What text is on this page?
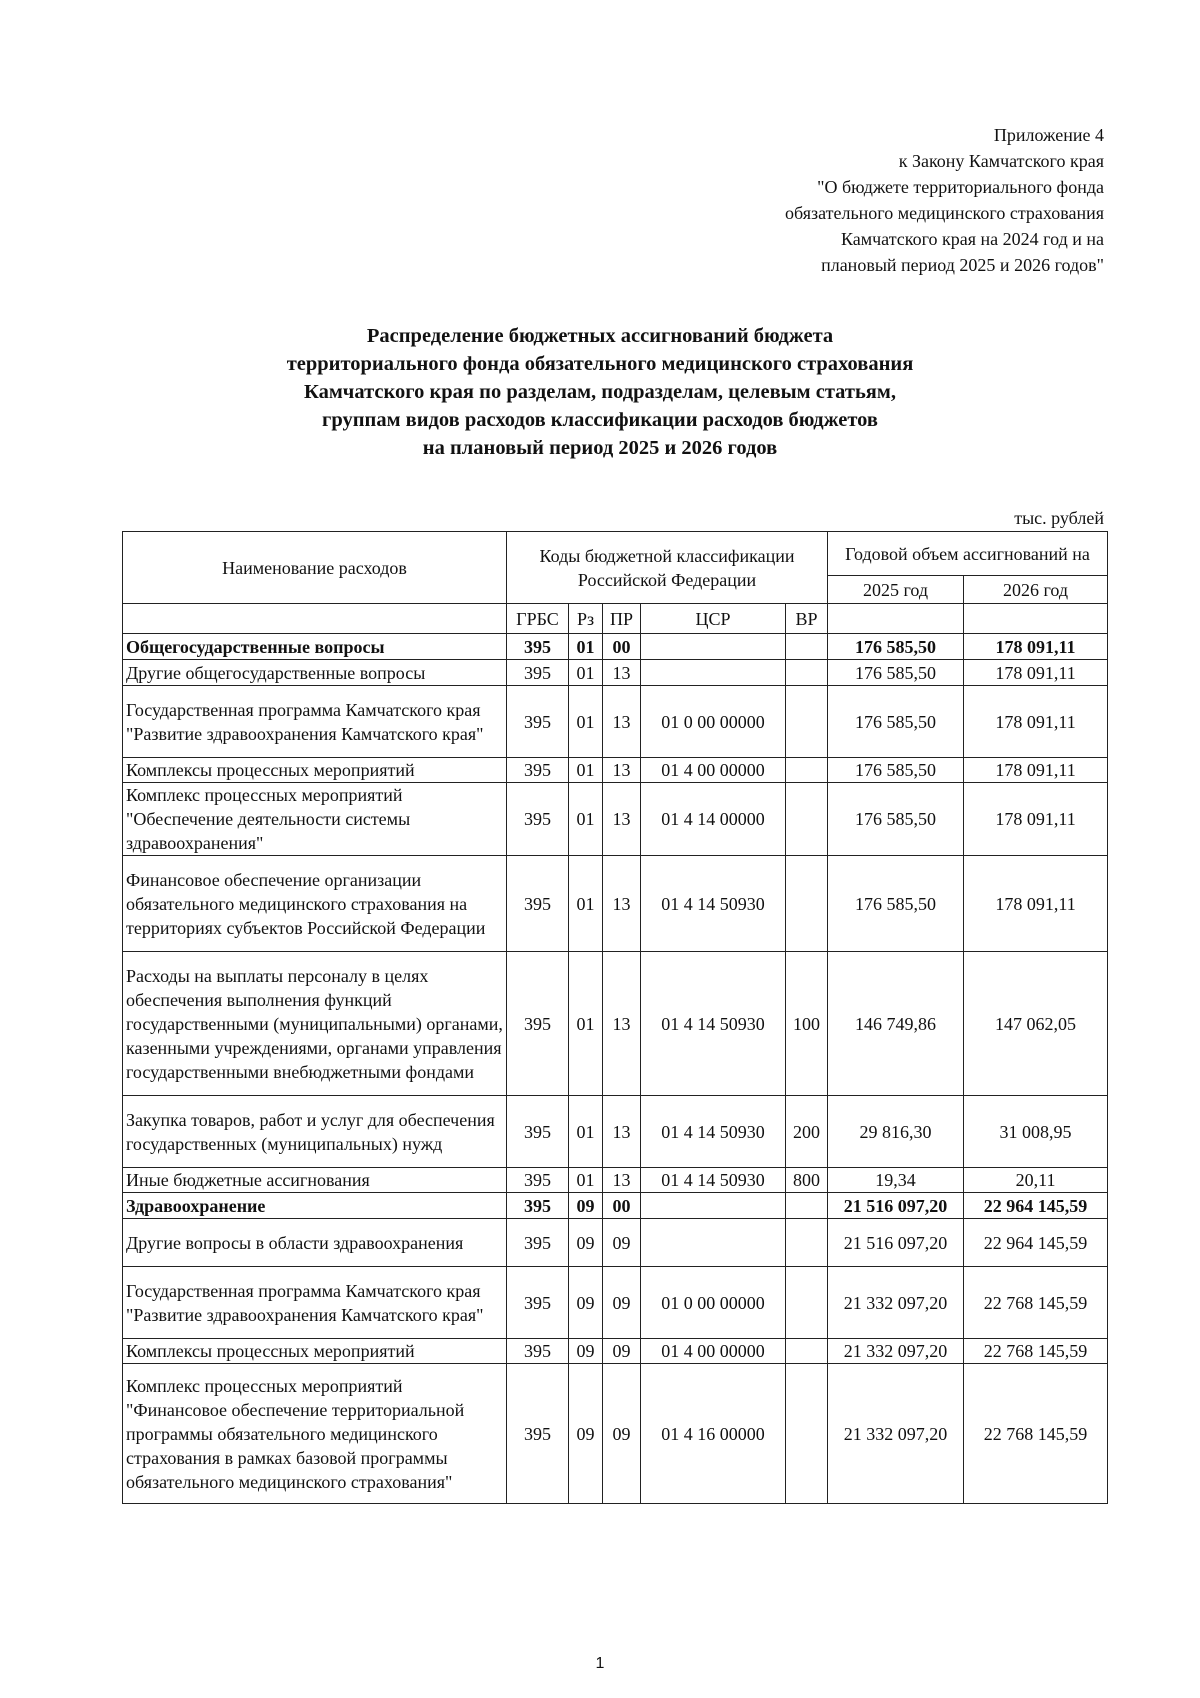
Приложение 4
к Закону Камчатского края
"О бюджете территориального фонда
обязательного медицинского страхования
Камчатского края на 2024 год и на
плановый период 2025 и 2026 годов"
Распределение бюджетных ассигнований бюджета
территориального фонда обязательного медицинского страхования
Камчатского края по разделам, подразделам, целевым статьям,
группам видов расходов классификации расходов бюджетов
на плановый период 2025 и 2026 годов
тыс. рублей
Наименование расходов	Коды бюджетной классификации Российской Федерации					Годовой объем ассигнований на	
						2025 год	2026 год
	ГРБС	Рз	ПР	ЦСР	ВР		
Общегосударственные вопросы	395	01	00			176 585,50	178 091,11
Другие общегосударственные вопросы	395	01	13			176 585,50	178 091,11
Государственная программа Камчатского края "Развитие здравоохранения Камчатского края"	395	01	13	01 0 00 00000		176 585,50	178 091,11
Комплексы процессных мероприятий	395	01	13	01 4 00 00000		176 585,50	178 091,11
Комплекс процессных мероприятий "Обеспечение деятельности системы здравоохранения"	395	01	13	01 4 14 00000		176 585,50	178 091,11
Финансовое обеспечение организации обязательного медицинского страхования на территориях субъектов Российской Федерации	395	01	13	01 4 14 50930		176 585,50	178 091,11
Расходы на выплаты персоналу в целях обеспечения выполнения функций государственными (муниципальными) органами, казенными учреждениями, органами управления государственными внебюджетными фондами	395	01	13	01 4 14 50930	100	146 749,86	147 062,05
Закупка товаров, работ и услуг для обеспечения государственных (муниципальных) нужд	395	01	13	01 4 14 50930	200	29 816,30	31 008,95
Иные бюджетные ассигнования	395	01	13	01 4 14 50930	800	19,34	20,11
Здравоохранение	395	09	00			21 516 097,20	22 964 145,59
Другие вопросы в области здравоохранения	395	09	09			21 516 097,20	22 964 145,59
Государственная программа Камчатского края "Развитие здравоохранения Камчатского края"	395	09	09	01 0 00 00000		21 332 097,20	22 768 145,59
Комплексы процессных мероприятий	395	09	09	01 4 00 00000		21 332 097,20	22 768 145,59
Комплекс процессных мероприятий "Финансовое обеспечение территориальной программы обязательного медицинского страхования в рамках базовой программы обязательного медицинского страхования"	395	09	09	01 4 16 00000		21 332 097,20	22 768 145,59
1
